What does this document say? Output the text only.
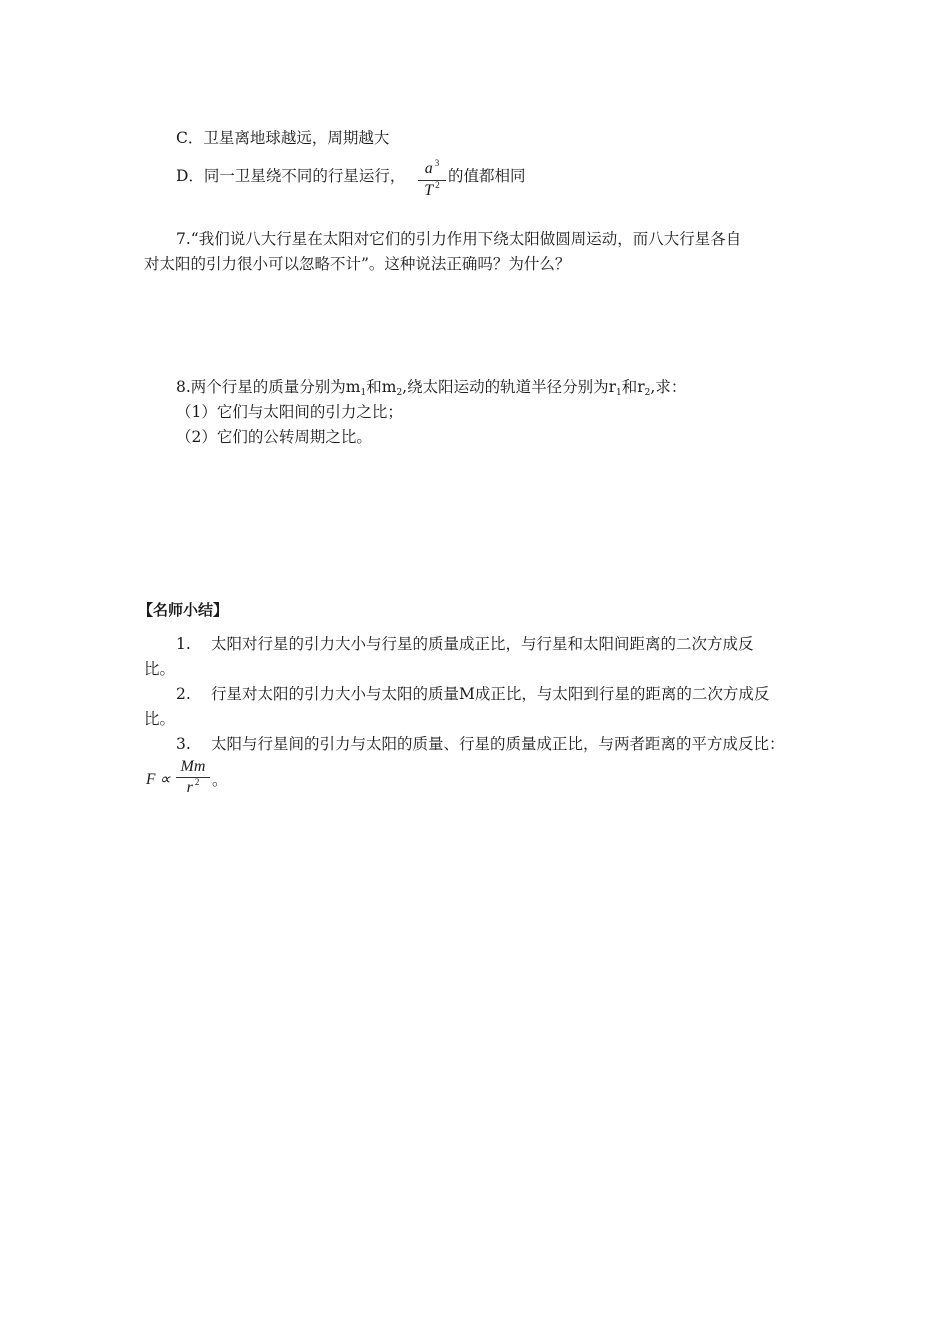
C．卫星离地球越远，周期越大
D．同一卫星绕不同的行星运行，	a $^3$
T $^2$ 的值都相同
7.“我们说八大行星在太阳对它们的引力作用下绕太阳做圆周运动，而八大行星各自
对太阳的引力很小可以忽略不计”。这种说法正确吗？为什么？
8.两个行星的质量分别为m1和m2,绕太阳运动的轨道半径分别为r1和r2,求：
（1）它们与太阳间的引力之比；
（2）它们的公转周期之比。
【名师小结】
1. 太阳对行星的引力大小与行星的质量成正比，与行星和太阳间距离的二次方成反
比。
2. 行星对太阳的引力大小与太阳的质量M成正比，与太阳到行星的距离的二次方成反
比。
3. 太阳与行星间的引力与太阳的质量、行星的质量成正比，与两者距离的平方成反比：
F ∝
Mm
r $^2$ 。
